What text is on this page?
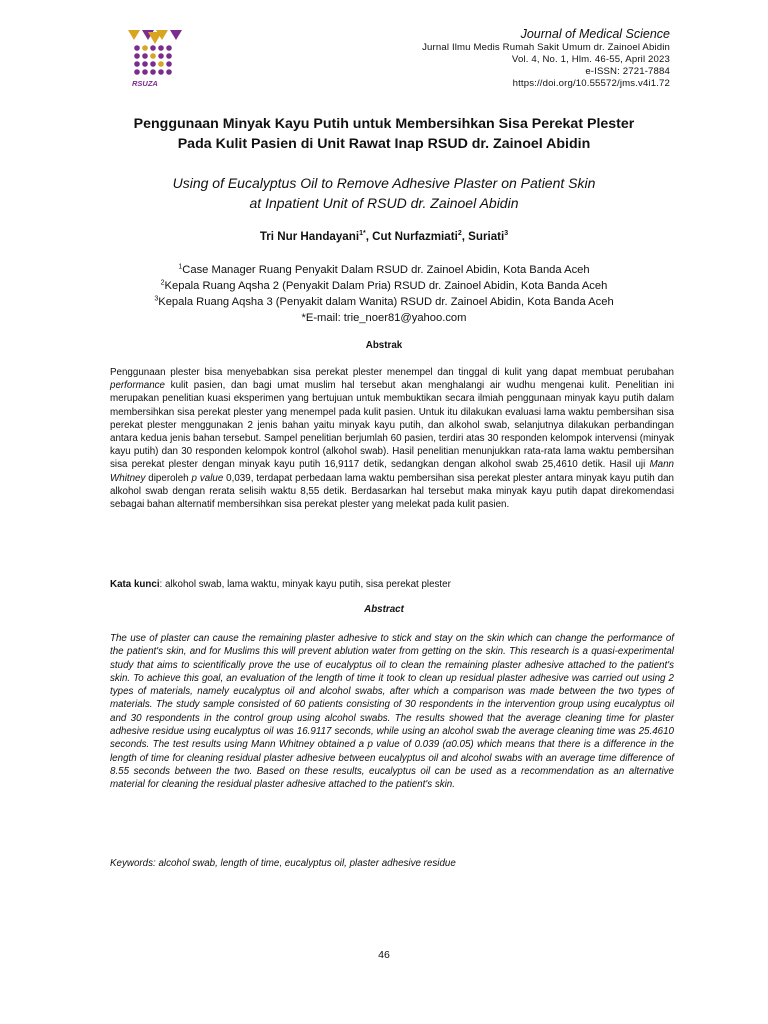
RSUZA
Journal of Medical Science
Jurnal Ilmu Medis Rumah Sakit Umum dr. Zainoel Abidin
Vol. 4, No. 1, Hlm. 46-55, April 2023
e-ISSN: 2721-7884
https://doi.org/10.55572/jms.v4i1.72
Penggunaan Minyak Kayu Putih untuk Membersihkan Sisa Perekat Plester
Pada Kulit Pasien di Unit Rawat Inap RSUD dr. Zainoel Abidin
Using of Eucalyptus Oil to Remove Adhesive Plaster on Patient Skin
at Inpatient Unit of RSUD dr. Zainoel Abidin
Tri Nur Handayani$^{1*}$, Cut Nurfazmiati$^2$, Suriati$^3$
$^1$Case Manager Ruang Penyakit Dalam RSUD dr. Zainoel Abidin, Kota Banda Aceh
$^2$Kepala Ruang Aqsha 2 (Penyakit Dalam Pria) RSUD dr. Zainoel Abidin, Kota Banda Aceh
$^3$Kepala Ruang Aqsha 3 (Penyakit dalam Wanita) RSUD dr. Zainoel Abidin, Kota Banda Aceh
*E-mail: trie_noer81@yahoo.com
Abstrak
Penggunaan plester bisa menyebabkan sisa perekat plester menempel dan tinggal di kulit yang dapat membuat perubahan performance kulit pasien, dan bagi umat muslim hal tersebut akan menghalangi air wudhu mengenai kulit. Penelitian ini merupakan penelitian kuasi eksperimen yang bertujuan untuk membuktikan secara ilmiah penggunaan minyak kayu putih dalam membersihkan sisa perekat plester yang menempel pada kulit pasien. Untuk itu dilakukan evaluasi lama waktu pembersihan sisa perekat plester menggunakan 2 jenis bahan yaitu minyak kayu putih, dan alkohol swab, selanjutnya dilakukan perbandingan antara kedua jenis bahan tersebut. Sampel penelitian berjumlah 60 pasien, terdiri atas 30 responden kelompok intervensi (minyak kayu putih) dan 30 responden kelompok kontrol (alkohol swab). Hasil penelitian menunjukkan rata-rata lama waktu pembersihan sisa perekat plester dengan minyak kayu putih 16,9117 detik, sedangkan dengan alkohol swab 25,4610 detik. Hasil uji Mann Whitney diperoleh p value 0,039, terdapat perbedaan lama waktu pembersihan sisa perekat plester antara minyak kayu putih dan alkohol swab dengan rerata selisih waktu 8,55 detik. Berdasarkan hal tersebut maka minyak kayu putih dapat direkomendasi sebagai bahan alternatif membersihkan sisa perekat plester yang melekat pada kulit pasien.
Kata kunci: alkohol swab, lama waktu, minyak kayu putih, sisa perekat plester
Abstract
The use of plaster can cause the remaining plaster adhesive to stick and stay on the skin which can change the performance of the patient's skin, and for Muslims this will prevent ablution water from getting on the skin. This research is a quasi-experimental study that aims to scientifically prove the use of eucalyptus oil to clean the remaining plaster adhesive attached to the patient's skin. To achieve this goal, an evaluation of the length of time it took to clean up residual plaster adhesive was carried out using 2 types of materials, namely eucalyptus oil and alcohol swabs, after which a comparison was made between the two types of materials. The study sample consisted of 60 patients consisting of 30 respondents in the intervention group using eucalyptus oil and 30 respondents in the control group using alcohol swabs. The results showed that the average cleaning time for plaster adhesive residue using eucalyptus oil was 16.9117 seconds, while using an alcohol swab the average cleaning time was 25.4610 seconds. The test results using Mann Whitney obtained a p value of 0.039 (α0.05) which means that there is a difference in the length of time for cleaning residual plaster adhesive between eucalyptus oil and alcohol swabs with an average time difference of 8.55 seconds between the two. Based on these results, eucalyptus oil can be used as a recommendation as an alternative material for cleaning the residual plaster adhesive attached to the patient's skin.
Keywords: alcohol swab, length of time, eucalyptus oil, plaster adhesive residue
46
